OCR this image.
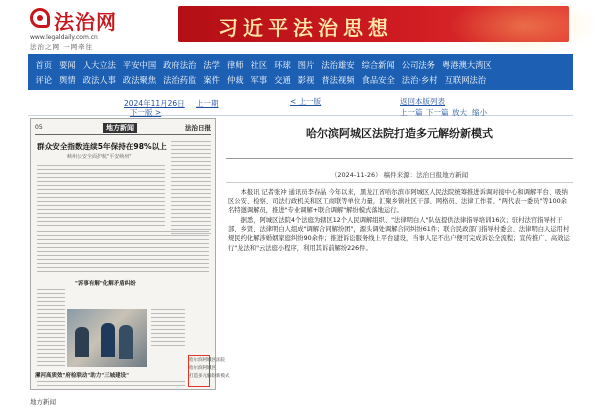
法治网
www.legaldaily.com.cn
法治之网 一网牵往
习近平法治思想
首页 要闻 人大立法 平安中国 政府法治 法学 律师 社区 环球 图片 法治雄安 综合新闻 公司法务 粤港澳大湾区
评论 舆情 政法人事 政法聚焦 法治药监 案件 仲裁 军事 交通 影视 普法视频 食品安全 法治·乡村 互联网法治
2024年11月26日 上一期	< 上一版
下一版 >
返回本版列表
上一篇 下一篇 放大 缩小
05	地方新闻	法治日报
群众安全指数连续5年保持在98%以上
峡州公安全面护航"平安峡州"
"诉事有解"化解矛盾纠纷
漯河高质效"府检联动"助力"三城建设"
哈尔滨阿城区法院
哈尔滨阿城区
打造多元解纷新模式
哈尔滨阿城区法院打造多元解纷新模式
（2024-11-26） 稿件来源：法治日报地方新闻

本报讯 记者张冲 通讯员李春晶 今年以来，黑龙江省哈尔滨市阿城区人民法院统筹推进诉调对接中心和调解平台、吸纳区公安、检察、司法行政机关和区工商联等单位力量，汇聚乡镇社区干部、网格员、法律工作者、"两代表一委员"等100余名特邀调解员，推进"专业调解+联合调解"解纷模式落地运行。

据悉，阿城区法院4个法庭为辖区12个人民调解组织、"法律明白人"队伍提供法律指导培训16次；驻村法官指导村干部、乡贤、法律明白人组成"调解合同解纷团"，源头调处调解合同纠纷61件；联合民政部门指导村委会、法律明白人运用村规民约化解涉婚姻家庭纠纷90余件；推进诉讼服务线上平台建设，当事人足不出户便可完成诉讼全流程；宣传推广、高效运行"龙法和"云法庭小程序，利用其诉前解纷226件。

地方新闻
